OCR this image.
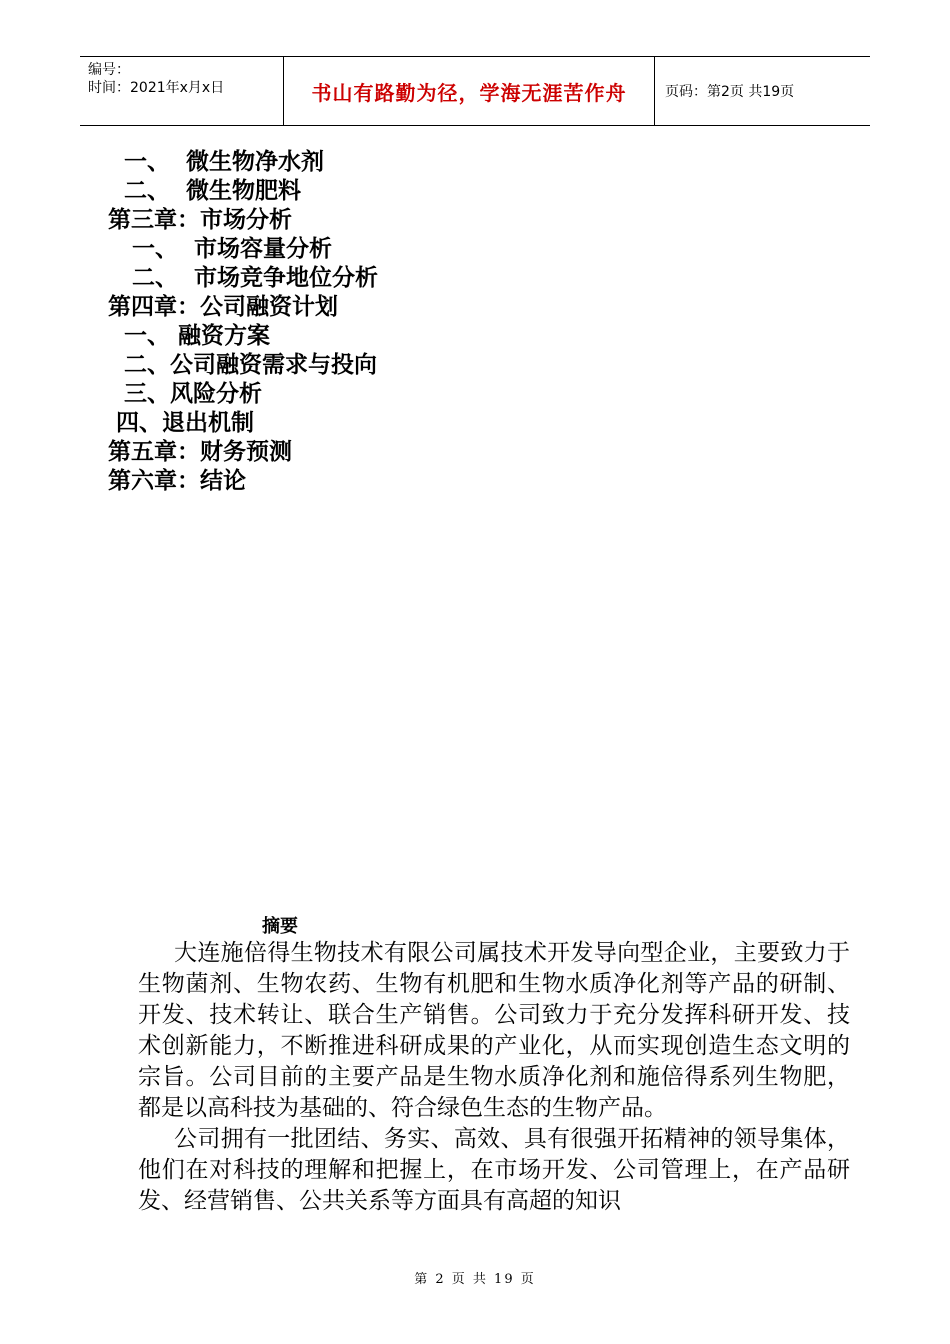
编号：
时间：2021年x月x日	书山有路勤为径，学海无涯苦作舟	页码：第2页 共19页
一、  微生物净水剂
二、  微生物肥料
第三章：市场分析
一、  市场容量分析
二、  市场竞争地位分析
第四章：公司融资计划
一、 融资方案
二、公司融资需求与投向
三、风险分析
四、退出机制
第五章：财务预测
第六章：结论
摘要

大连施倍得生物技术有限公司属技术开发导向型企业，主要致力于生物菌剂、生物农药、生物有机肥和生物水质净化剂等产品的研制、开发、技术转让、联合生产销售。公司致力于充分发挥科研开发、技术创新能力，不断推进科研成果的产业化，从而实现创造生态文明的宗旨。公司目前的主要产品是生物水质净化剂和施倍得系列生物肥，都是以高科技为基础的、符合绿色生态的生物产品。

公司拥有一批团结、务实、高效、具有很强开拓精神的领导集体，他们在对科技的理解和把握上，在市场开发、公司管理上，在产品研发、经营销售、公共关系等方面具有高超的知识

第 2 页 共 19 页
